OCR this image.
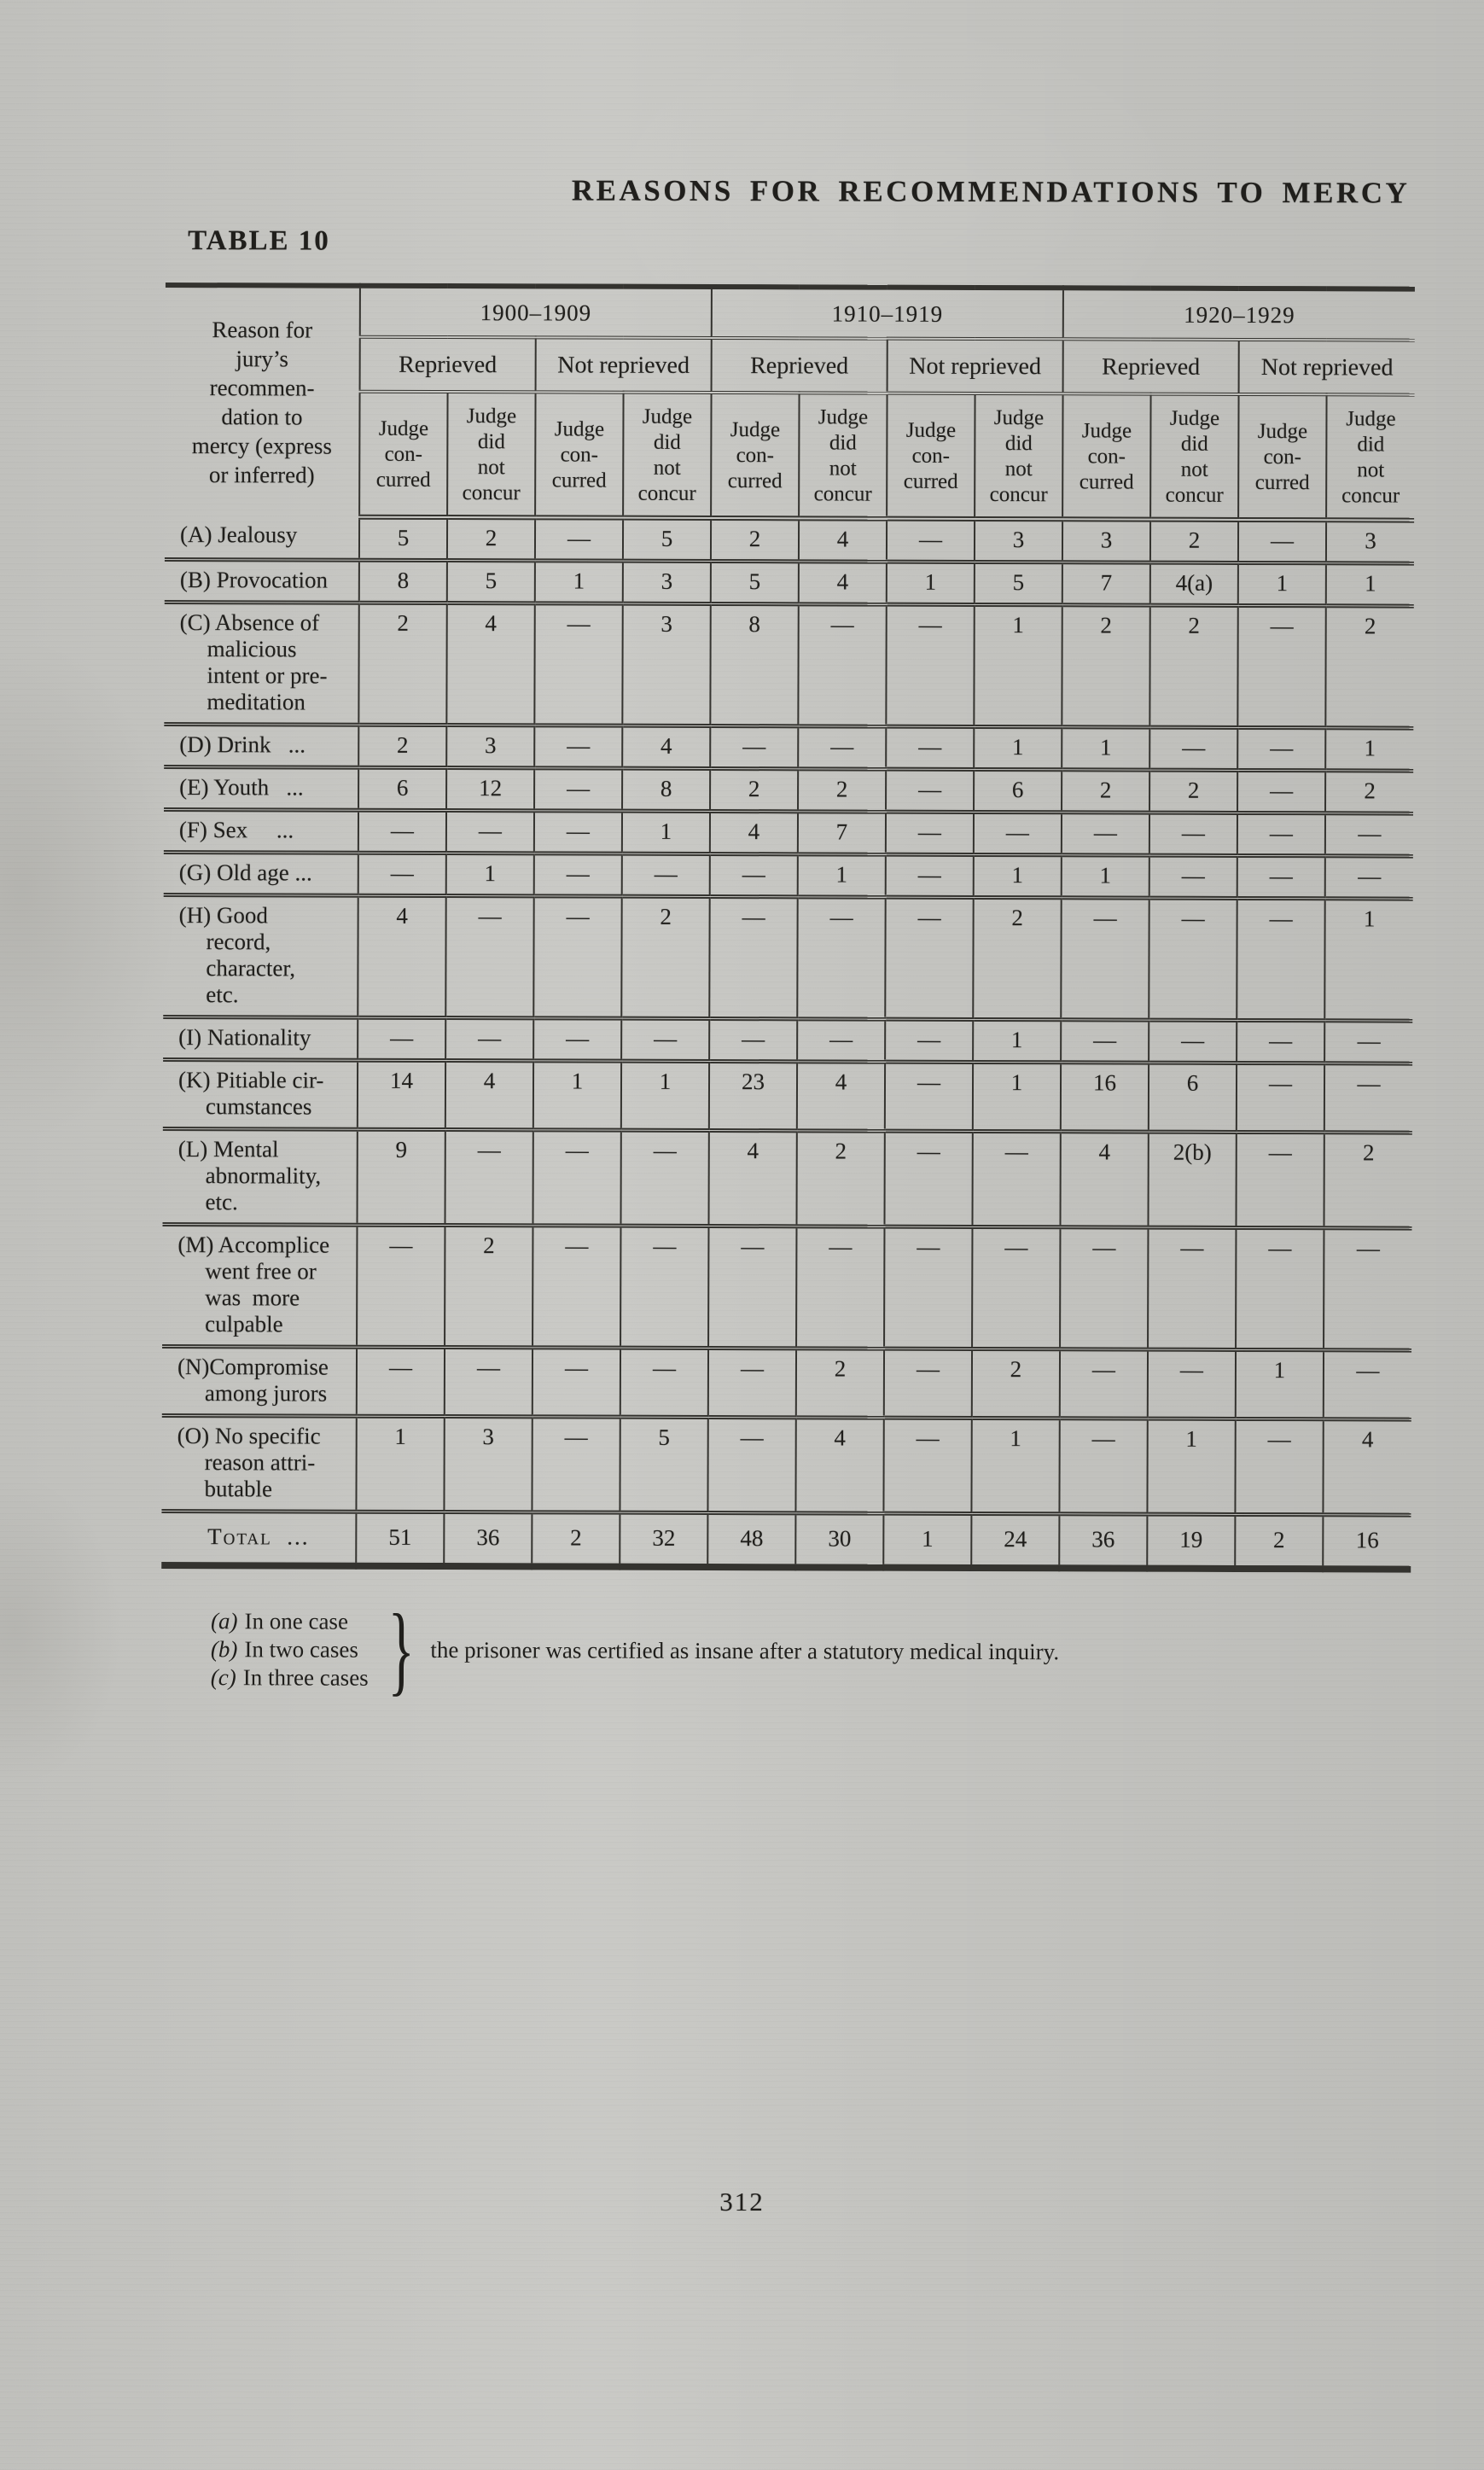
REASONS FOR RECOMMENDATIONS TO MERCY
TABLE 10
Reason for
jury’s
recommen-
dation to
mercy (express
or inferred)	1900–1909	1910–1919	1920–1929
	Reprieved		Not reprieved		Reprieved		Not reprieved		Reprieved		Not reprieved	
	Judge
con-
curred	Judge
did
not
concur	Judge
con-
curred	Judge
did
not
concur	Judge
con-
curred	Judge
did
not
concur	Judge
con-
curred	Judge
did
not
concur	Judge
con-
curred	Judge
did
not
concur	Judge
con-
curred	Judge
did
not
concur
(A) Jealousy	5	2	—	5	2	4	—	3	3	2	—	3
(B) Provocation	8	5	1	3	5	4	1	5	7	4(a)	1	1
(C) Absence of
malicious
intent or pre-
meditation	2	4	—	3	8	—	—	1	2	2	—	2
(D) Drink   ...	2	3	—	4	—	—	—	1	1	—	—	1
(E) Youth   ...	6	12	—	8	2	2	—	6	2	2	—	2
(F) Sex     ...	—	—	—	1	4	7	—	—	—	—	—	—
(G) Old age ...	—	1	—	—	—	1	—	1	1	—	—	—
(H) Good
record,
character,
etc.	4	—	—	2	—	—	—	2	—	—	—	1
(I) Nationality	—	—	—	—	—	—	—	1	—	—	—	—
(K) Pitiable cir-
cumstances	14	4	1	1	23	4	—	1	16	6	—	—
(L) Mental
abnormality,
etc.	9	—	—	—	4	2	—	—	4	2(b)	—	2
(M) Accomplice
went free or
was  more
culpable	—	2	—	—	—	—	—	—	—	—	—	—
(N)Compromise
among jurors	—	—	—	—	—	2	—	2	—	—	1	—
(O) No specific
reason attri-
butable	1	3	—	5	—	4	—	1	—	1	—	4
Total  ...	51	36	2	32	48	30	1	24	36	19	2	16
(a) In one case
(b) In two cases
(c) In three cases } the prisoner was certified as insane after a statutory medical inquiry.
312
